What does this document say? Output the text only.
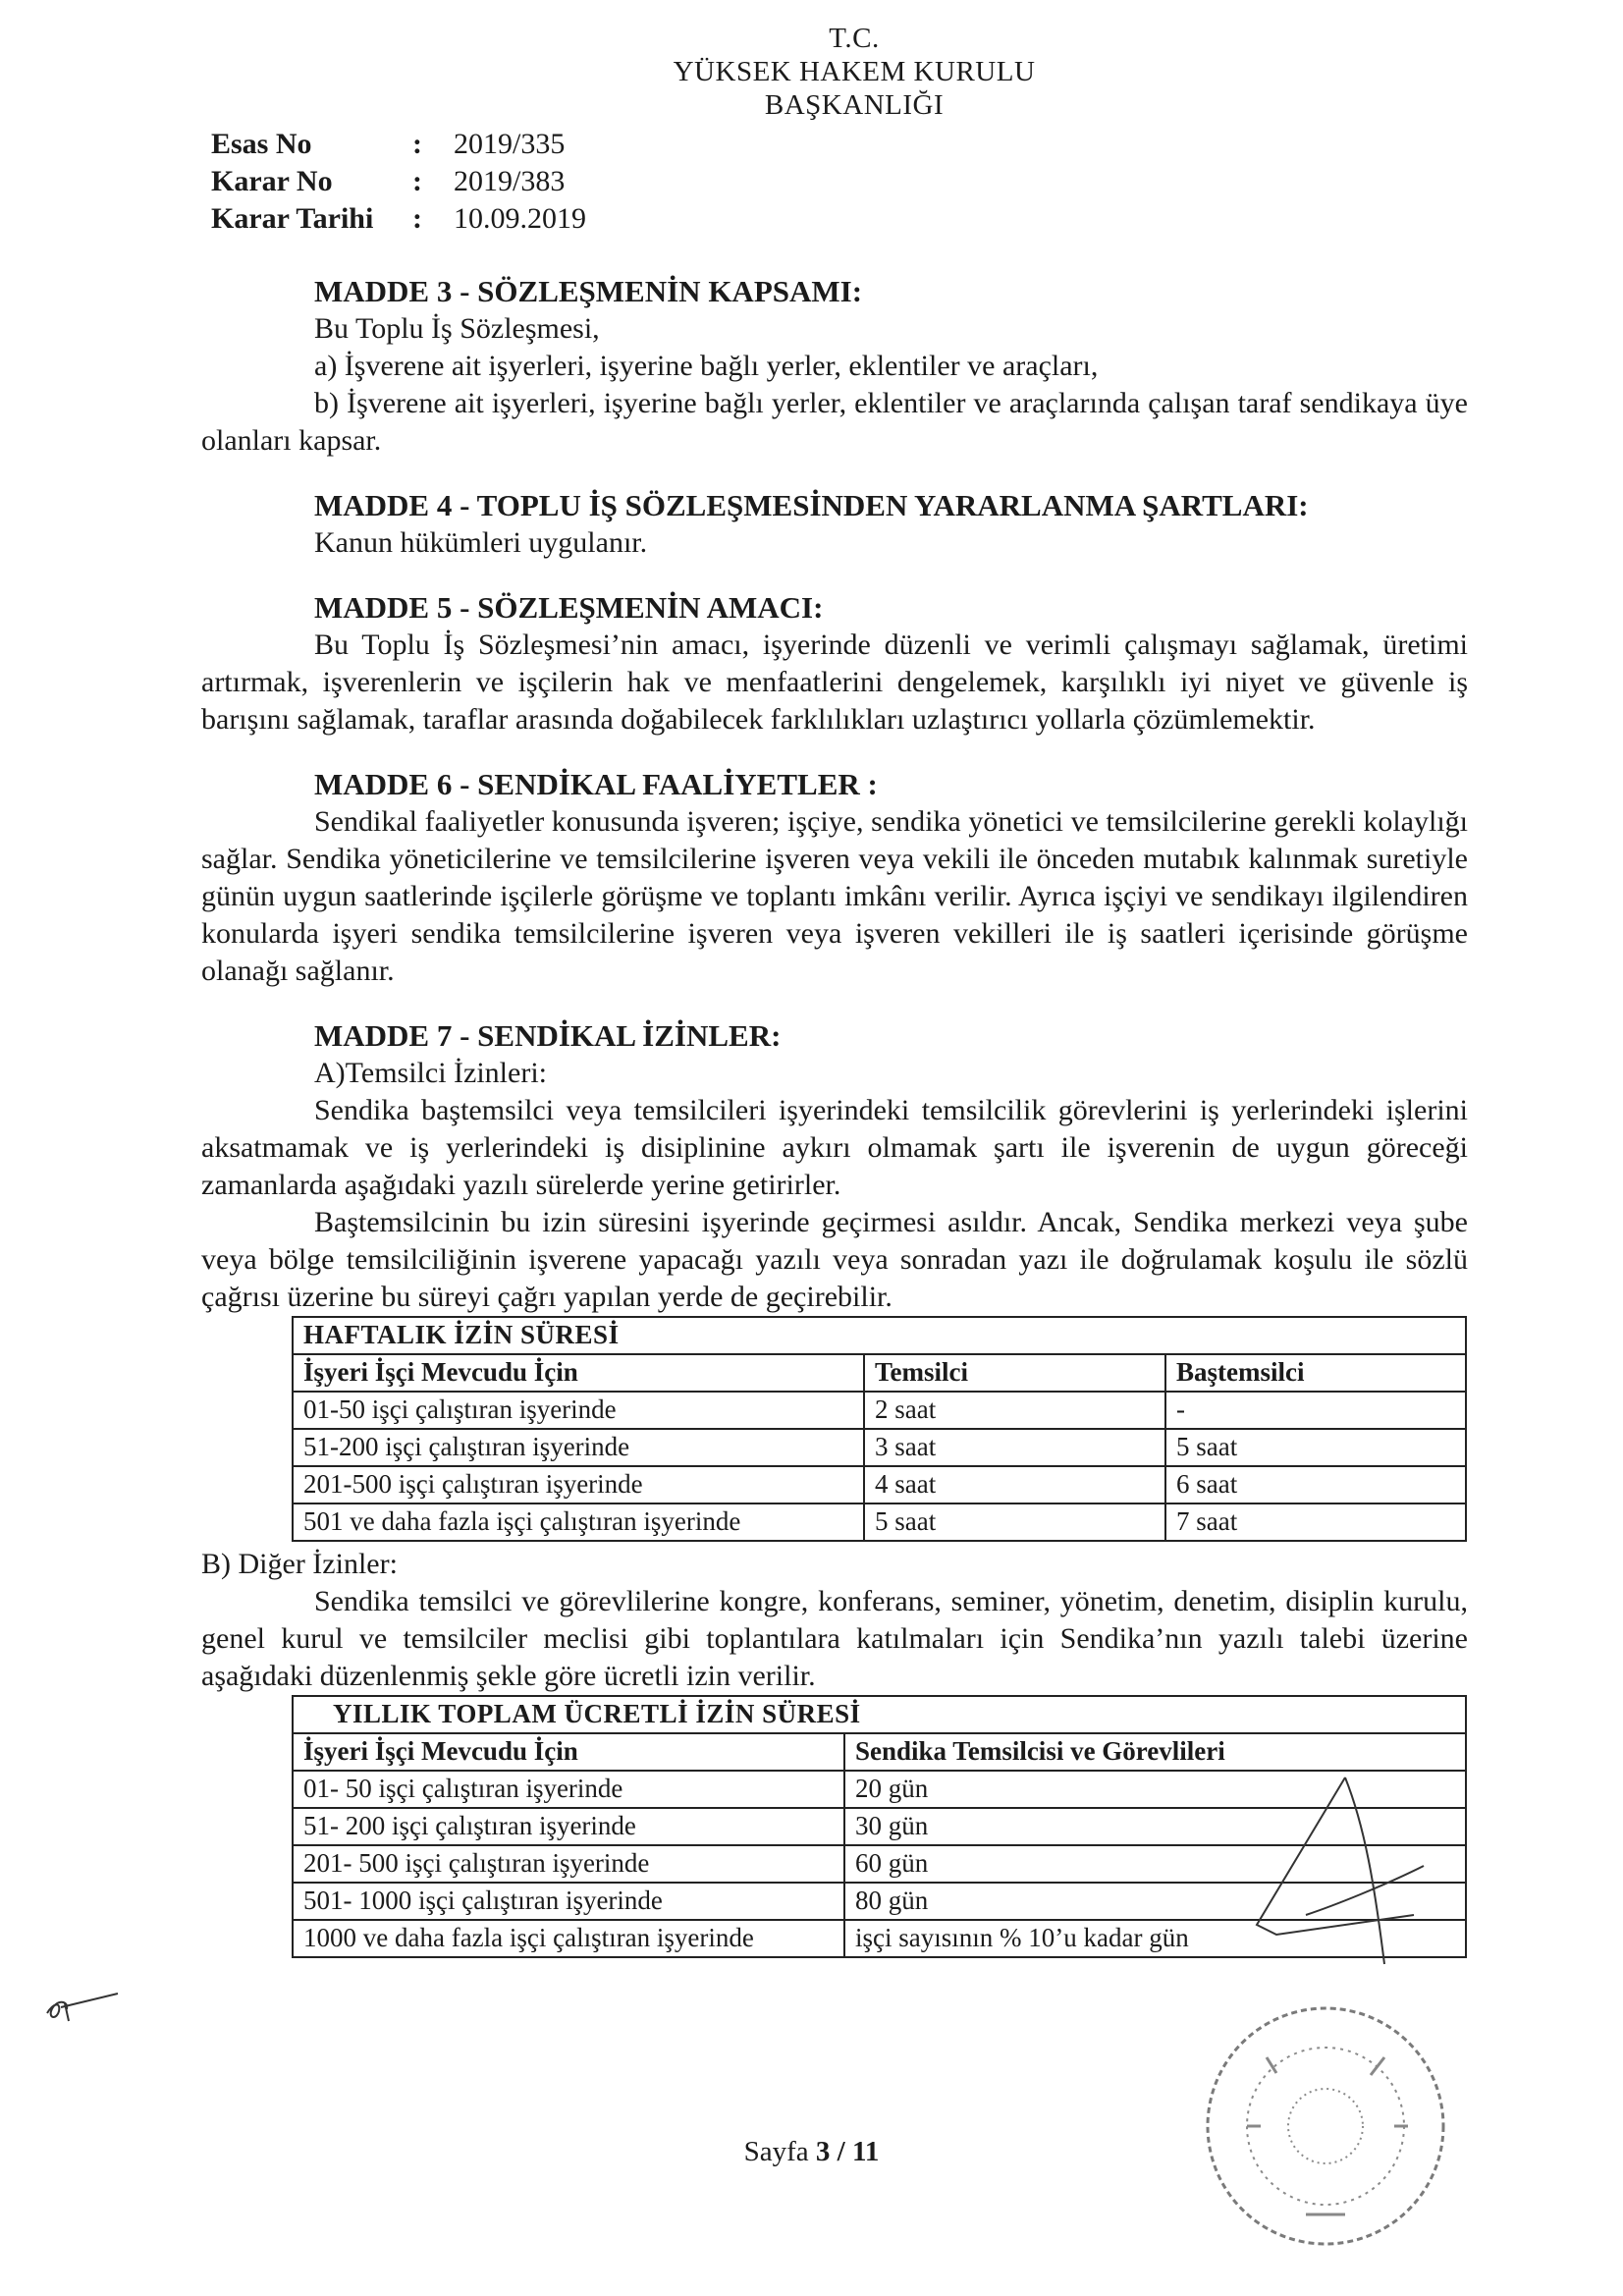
T.C.
YÜKSEK HAKEM KURULU
BAŞKANLIĞI
Esas No	:	2019/335
Karar No	:	2019/383
Karar Tarihi	:	10.09.2019
MADDE 3 - SÖZLEŞMENİN KAPSAMI:

Bu Toplu İş Sözleşmesi,

a) İşverene ait işyerleri, işyerine bağlı yerler, eklentiler ve araçları,

b) İşverene ait işyerleri, işyerine bağlı yerler, eklentiler ve araçlarında çalışan taraf sendikaya üye olanları kapsar.

MADDE 4 - TOPLU İŞ SÖZLEŞMESİNDEN YARARLANMA ŞARTLARI:

Kanun hükümleri uygulanır.

MADDE 5 - SÖZLEŞMENİN AMACI:

Bu Toplu İş Sözleşmesi’nin amacı, işyerinde düzenli ve verimli çalışmayı sağlamak, üretimi artırmak, işverenlerin ve işçilerin hak ve menfaatlerini dengelemek, karşılıklı iyi niyet ve güvenle iş barışını sağlamak, taraflar arasında doğabilecek farklılıkları uzlaştırıcı yollarla çözümlemektir.

MADDE 6 - SENDİKAL FAALİYETLER :

Sendikal faaliyetler konusunda işveren; işçiye, sendika yönetici ve temsilcilerine gerekli kolaylığı sağlar. Sendika yöneticilerine ve temsilcilerine işveren veya vekili ile önceden mutabık kalınmak suretiyle günün uygun saatlerinde işçilerle görüşme ve toplantı imkânı verilir. Ayrıca işçiyi ve sendikayı ilgilendiren konularda işyeri sendika temsilcilerine işveren veya işveren vekilleri ile iş saatleri içerisinde görüşme olanağı sağlanır.

MADDE 7 - SENDİKAL İZİNLER:

A)Temsilci İzinleri:

Sendika baştemsilci veya temsilcileri işyerindeki temsilcilik görevlerini iş yerlerindeki işlerini aksatmamak ve iş yerlerindeki iş disiplinine aykırı olmamak şartı ile işverenin de uygun göreceği zamanlarda aşağıdaki yazılı sürelerde yerine getirirler.

Baştemsilcinin bu izin süresini işyerinde geçirmesi asıldır. Ancak, Sendika merkezi veya şube veya bölge temsilciliğinin işverene yapacağı yazılı veya sonradan yazı ile doğrulamak koşulu ile sözlü çağrısı üzerine bu süreyi çağrı yapılan yerde de geçirebilir.

HAFTALIK İZİN SÜRESİ		
İşyeri İşçi Mevcudu İçin	Temsilci	Baştemsilci
01-50 işçi çalıştıran işyerinde	2 saat	-
51-200 işçi çalıştıran işyerinde	3 saat	5 saat
201-500 işçi çalıştıran işyerinde	4 saat	6 saat
501 ve daha fazla işçi çalıştıran işyerinde	5 saat	7 saat

B) Diğer İzinler:

Sendika temsilci ve görevlilerine kongre, konferans, seminer, yönetim, denetim, disiplin kurulu, genel kurul ve temsilciler meclisi gibi toplantılara katılmaları için Sendika’nın yazılı talebi üzerine aşağıdaki düzenlenmiş şekle göre ücretli izin verilir.

YILLIK TOPLAM ÜCRETLİ İZİN SÜRESİ	
İşyeri İşçi Mevcudu İçin	Sendika Temsilcisi ve Görevlileri
01- 50 işçi çalıştıran işyerinde	20 gün
51- 200 işçi çalıştıran işyerinde	30 gün
201- 500 işçi çalıştıran işyerinde	60 gün
501- 1000 işçi çalıştıran işyerinde	80 gün
1000 ve daha fazla işçi çalıştıran işyerinde	işçi sayısının % 10’u kadar gün
Sayfa 3 / 11
